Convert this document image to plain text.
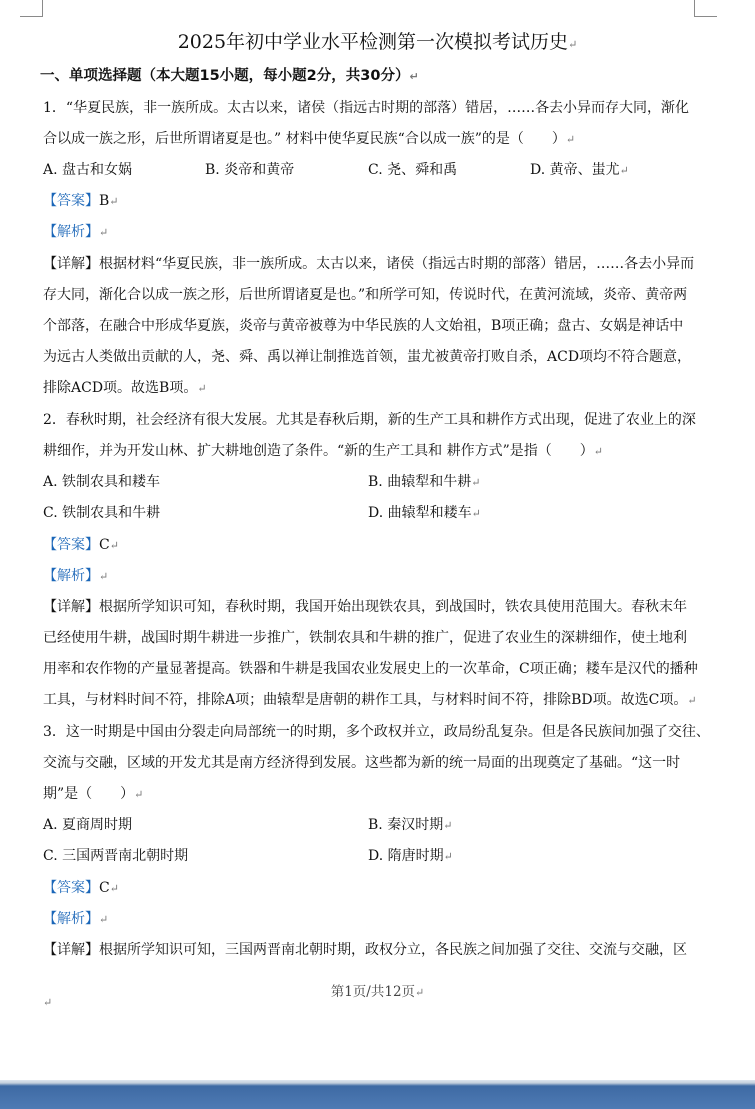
2025年初中学业水平检测第一次模拟考试历史↵
一、单项选择题（本大题15小题，每小题2分，共30分）↵
1．“华夏民族，非一族所成。太古以来，诸侯（指远古时期的部落）错居，……各去小异而存大同，渐化
合以成一族之形，后世所谓诸夏是也。” 材料中使华夏民族“合以成一族”的是（　　）↵
A. 盘古和女娲	B. 炎帝和黄帝	C. 尧、舜和禹	D. 黄帝、蚩尤↵
【答案】B↵
【解析】↵
【详解】根据材料“华夏民族，非一族所成。太古以来，诸侯（指远古时期的部落）错居，……各去小异而
存大同，渐化合以成一族之形，后世所谓诸夏是也。”和所学可知，传说时代，在黄河流域，炎帝、黄帝两
个部落，在融合中形成华夏族，炎帝与黄帝被尊为中华民族的人文始祖，B项正确；盘古、女娲是神话中
为远古人类做出贡献的人，尧、舜、禹以禅让制推选首领，蚩尤被黄帝打败自杀，ACD项均不符合题意，
排除ACD项。故选B项。↵
2．春秋时期，社会经济有很大发展。尤其是春秋后期，新的生产工具和耕作方式出现，促进了农业上的深
耕细作，并为开发山林、扩大耕地创造了条件。“新的生产工具和 耕作方式”是指（　　）↵
A. 铁制农具和耧车	B. 曲辕犁和牛耕↵
C. 铁制农具和牛耕	D. 曲辕犁和耧车↵
【答案】C↵
【解析】↵
【详解】根据所学知识可知，春秋时期，我国开始出现铁农具，到战国时，铁农具使用范围大。春秋末年
已经使用牛耕，战国时期牛耕进一步推广，铁制农具和牛耕的推广，促进了农业生的深耕细作，使土地利
用率和农作物的产量显著提高。铁器和牛耕是我国农业发展史上的一次革命，C项正确；耧车是汉代的播种
工具，与材料时间不符，排除A项；曲辕犁是唐朝的耕作工具，与材料时间不符，排除BD项。故选C项。↵
3．这一时期是中国由分裂走向局部统一的时期，多个政权并立，政局纷乱复杂。但是各民族间加强了交往、
交流与交融，区域的开发尤其是南方经济得到发展。这些都为新的统一局面的出现奠定了基础。“这一时
期”是（　　）↵
A. 夏商周时期	B. 秦汉时期↵
C. 三国两晋南北朝时期	D. 隋唐时期↵
【答案】C↵
【解析】↵
【详解】根据所学知识可知，三国两晋南北朝时期，政权分立，各民族之间加强了交往、交流与交融，区
第1页/共12页↵
↵
